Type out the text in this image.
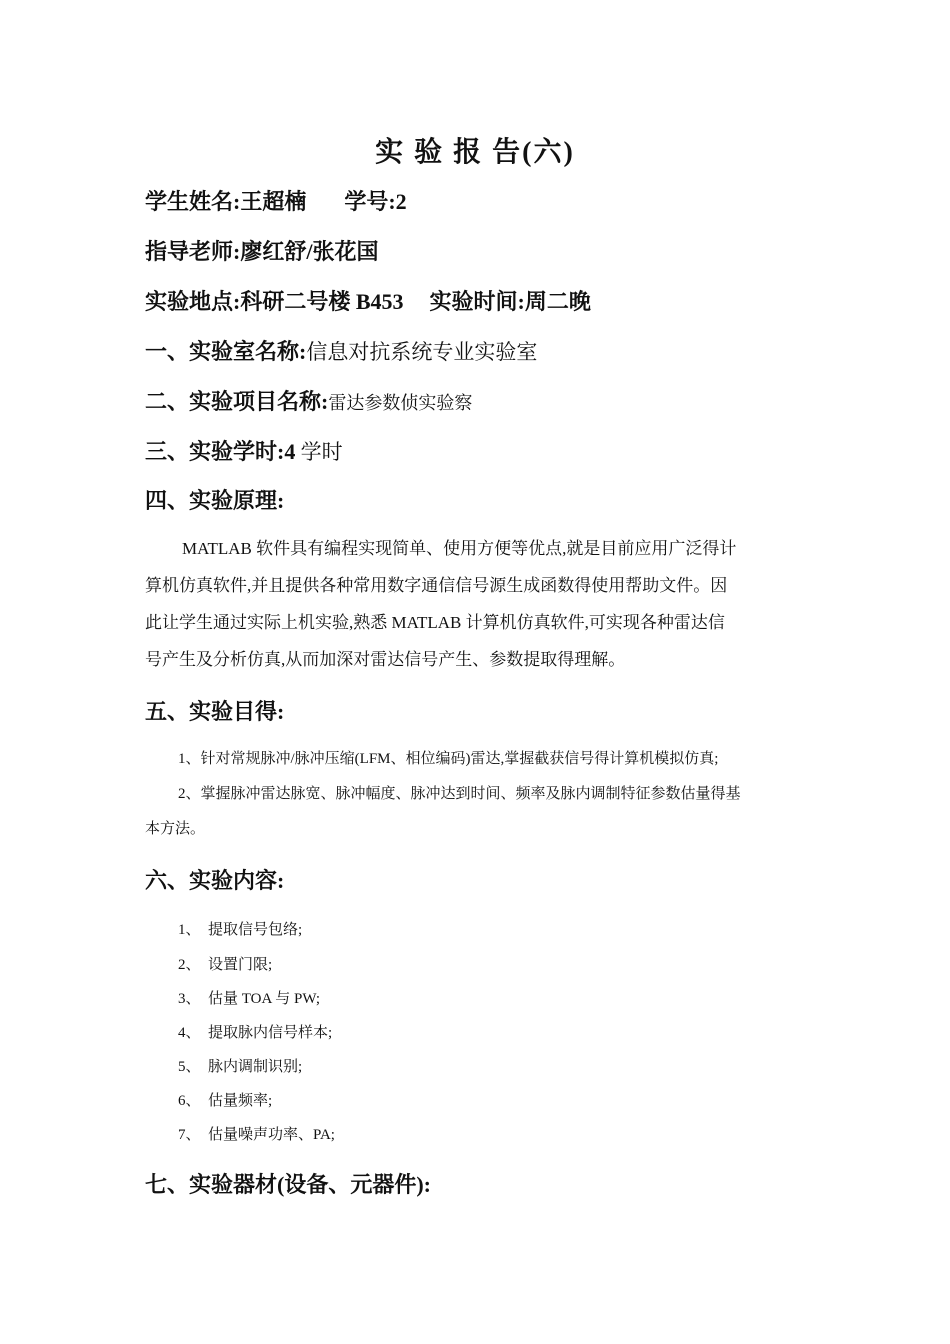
实 验 报 告(六)
学生姓名:王超楠 学号:2
指导老师:廖红舒/张花国
实验地点:科研二号楼 B453 实验时间:周二晚
一、实验室名称:信息对抗系统专业实验室
二、实验项目名称:雷达参数侦实验察
三、实验学时:4 学时
四、实验原理:
MATLAB 软件具有编程实现简单、使用方便等优点,就是目前应用广泛得计
算机仿真软件,并且提供各种常用数字通信信号源生成函数得使用帮助文件。因
此让学生通过实际上机实验,熟悉 MATLAB 计算机仿真软件,可实现各种雷达信
号产生及分析仿真,从而加深对雷达信号产生、参数提取得理解。
五、实验目得:
1、针对常规脉冲/脉冲压缩(LFM、相位编码)雷达,掌握截获信号得计算机模拟仿真;
2、掌握脉冲雷达脉宽、脉冲幅度、脉冲达到时间、频率及脉内调制特征参数估量得基
本方法。
六、实验内容:
1、 提取信号包络;
2、 设置门限;
3、 估量 TOA 与 PW;
4、 提取脉内信号样本;
5、 脉内调制识别;
6、 估量频率;
7、 估量噪声功率、PA;
七、实验器材(设备、元器件):
